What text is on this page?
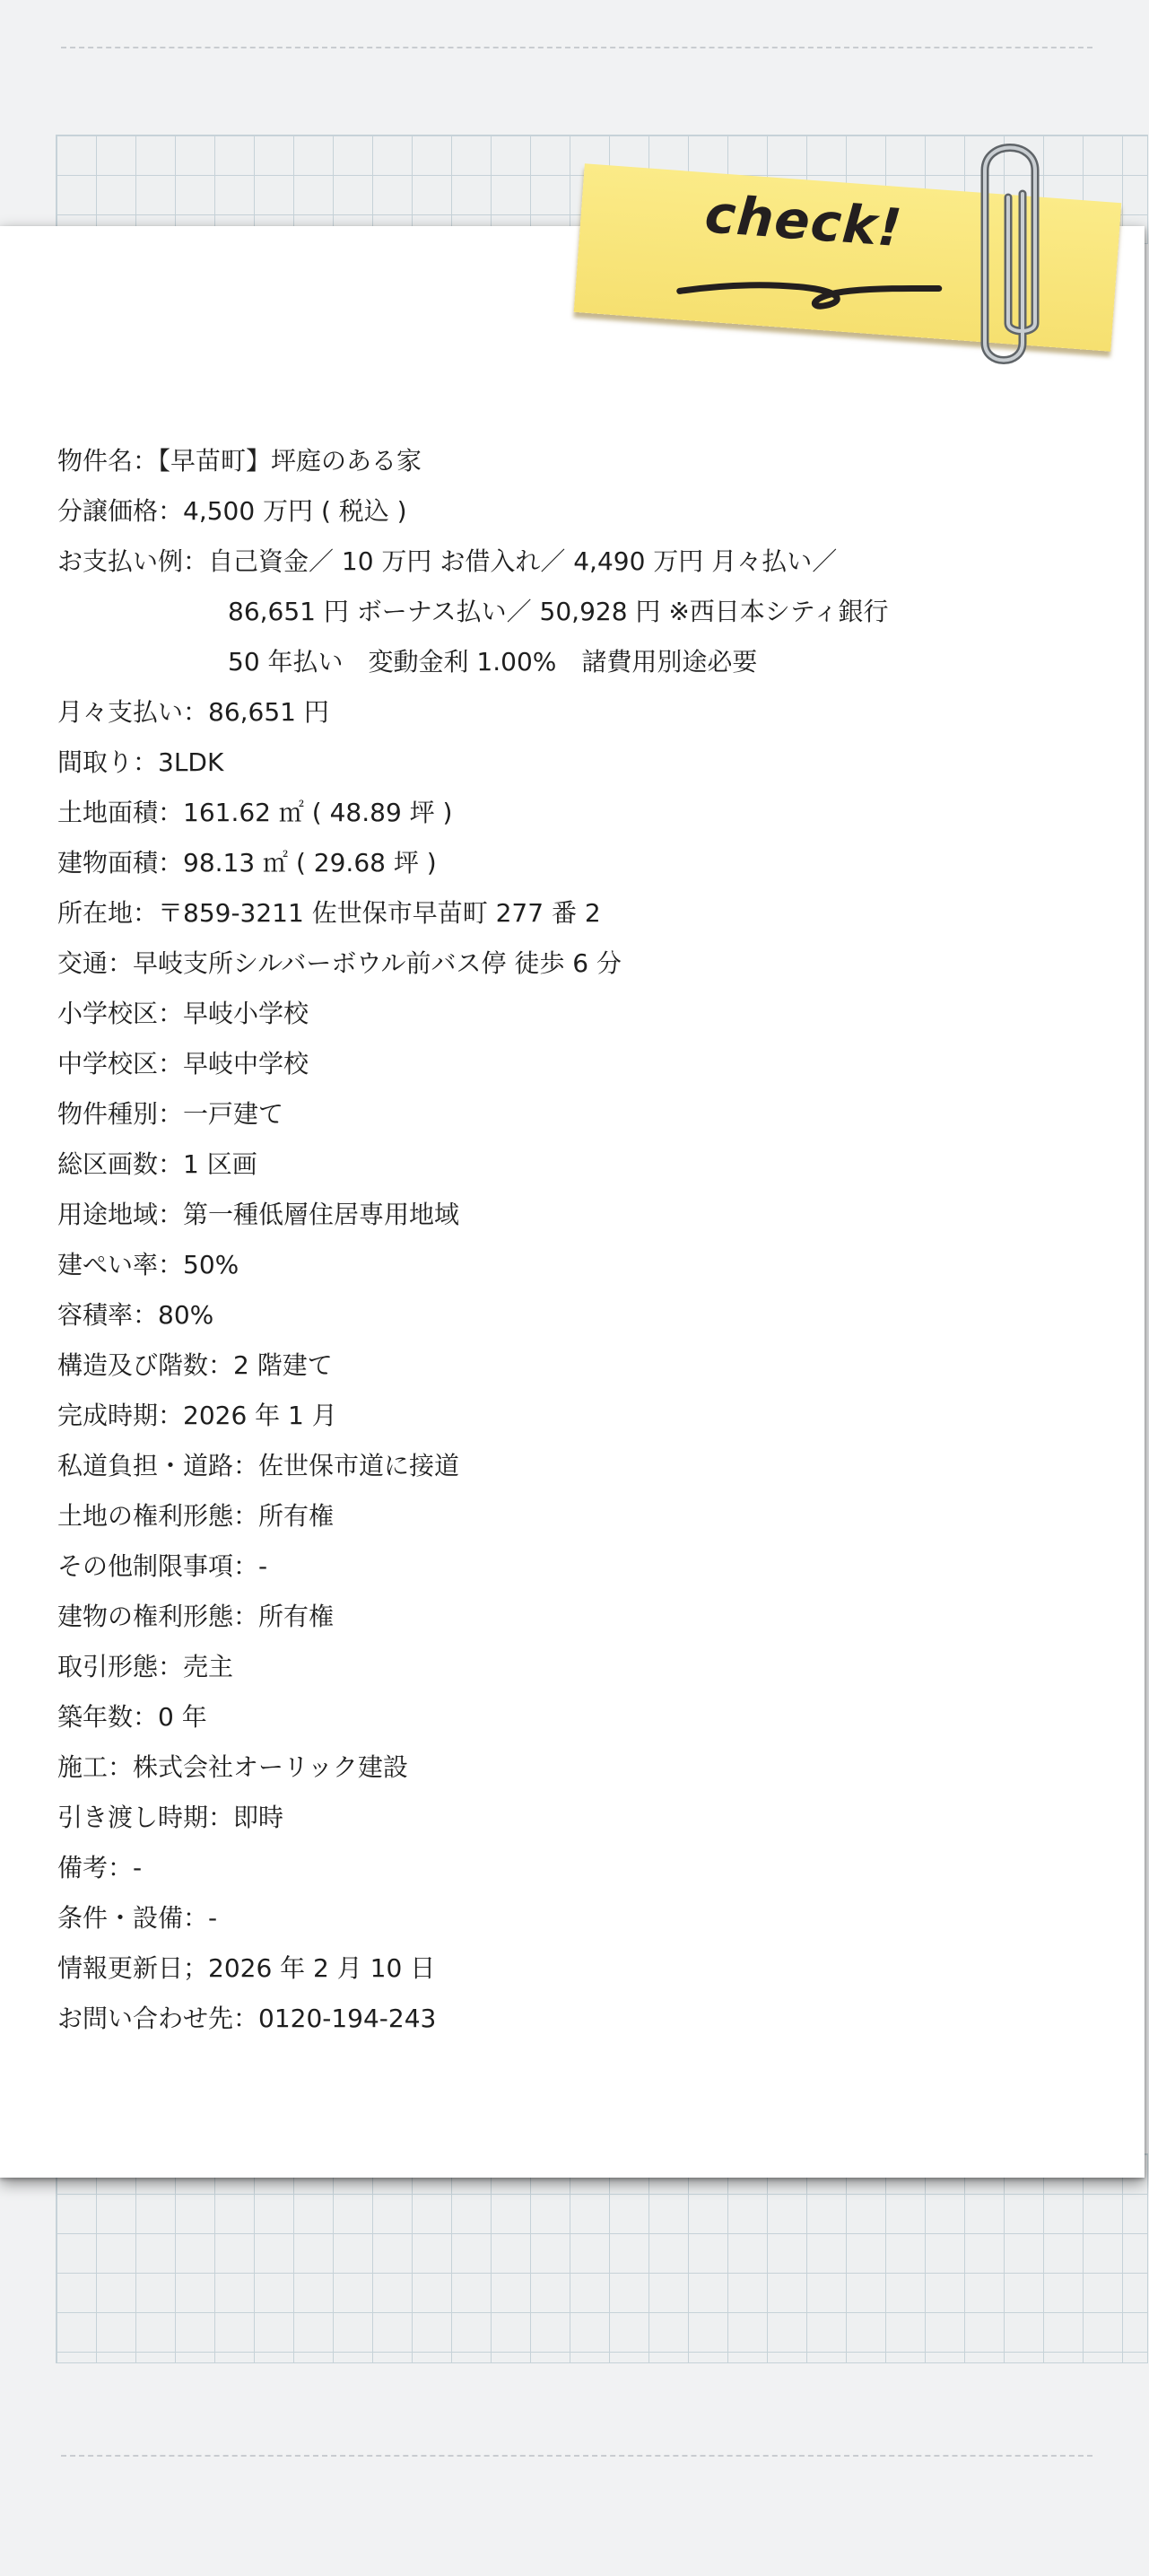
check!
物件名：【早苗町】坪庭のある家
分譲価格：4,500 万円 ( 税込 )
お支払い例：自己資金／ 10 万円 お借入れ／ 4,490 万円 月々払い／
86,651 円 ボーナス払い／ 50,928 円 ※西日本シティ銀行
50 年払い　変動金利 1.00%　諸費用別途必要
月々支払い：86,651 円
間取り：3LDK
土地面積：161.62 ㎡ ( 48.89 坪 )
建物面積：98.13 ㎡ ( 29.68 坪 )
所在地：〒859-3211 佐世保市早苗町 277 番 2
交通：早岐支所シルバーボウル前バス停 徒歩 6 分
小学校区：早岐小学校
中学校区：早岐中学校
物件種別：一戸建て
総区画数：1 区画
用途地域：第一種低層住居専用地域
建ぺい率：50%
容積率：80%
構造及び階数：2 階建て
完成時期：2026 年 1 月
私道負担・道路：佐世保市道に接道
土地の権利形態：所有権
その他制限事項：-
建物の権利形態：所有権
取引形態：売主
築年数：0 年
施工：株式会社オーリック建設
引き渡し時期：即時
備考：-
条件・設備：-
情報更新日；2026 年 2 月 10 日
お問い合わせ先：0120-194-243
